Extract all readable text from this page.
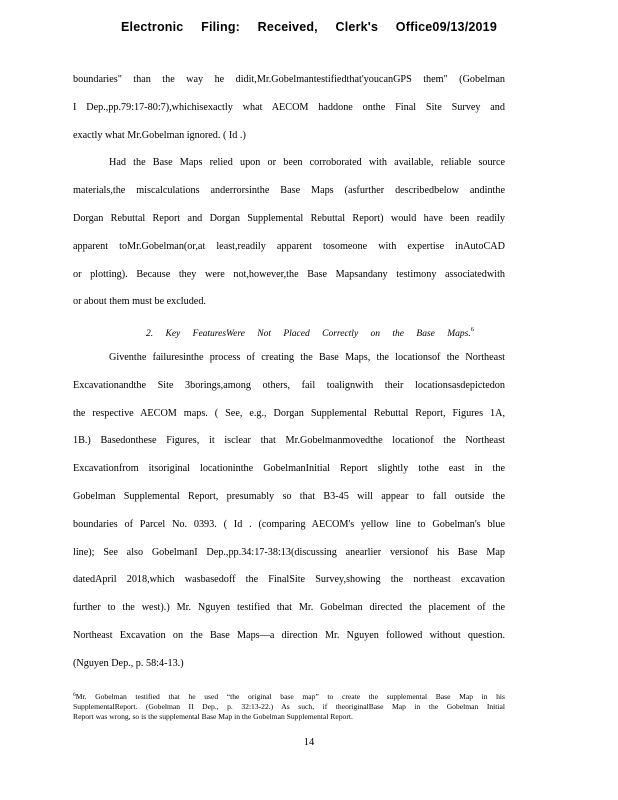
Electronic Filing: Received, Clerk's Office09/13/2019
boundaries" than the way he didit,Mr.Gobelmantestifiedthat'youcanGPS them" (Gobelman
I Dep.,pp.79:17-80:7),whichisexactly what AECOM haddone onthe Final Site Survey and
exactly what Mr.Gobelman ignored. ( Id .)
Had the Base Maps relied upon or been corroborated with available, reliable source
materials,the miscalculations anderrorsinthe Base Maps (asfurther describedbelow andinthe
Dorgan Rebuttal Report and Dorgan Supplemental Rebuttal Report) would have been readily
apparent toMr.Gobelman(or,at least,readily apparent tosomeone with expertise inAutoCAD
or plotting). Because they were not,however,the Base Mapsandany testimony associatedwith
or about them must be excluded.
2. Key FeaturesWere Not Placed Correctly on the Base Maps.$^6$
Giventhe failuresinthe process of creating the Base Maps, the locationsof the Northeast
Excavationandthe Site 3borings,among others, fail toalignwith their locationsasdepictedon
the respective AECOM maps. ( See, e.g., Dorgan Supplemental Rebuttal Report, Figures 1A,
1B.) Basedonthese Figures, it isclear that Mr.Gobelmanmovedthe locationof the Northeast
Excavationfrom itsoriginal locationinthe GobelmanInitial Report slightly tothe east in the
Gobelman Supplemental Report, presumably so that B3-45 will appear to fall outside the
boundaries of Parcel No. 0393. ( Id . (comparing AECOM's yellow line to Gobelman's blue
line); See also GobelmanI Dep.,pp.34:17-38:13(discussing anearlier versionof his Base Map
datedApril 2018,which wasbasedoff the FinalSite Survey,showing the northeast excavation
further to the west).) Mr. Nguyen testified that Mr. Gobelman directed the placement of the
Northeast Excavation on the Base Maps—a direction Mr. Nguyen followed without question.
(Nguyen Dep., p. 58:4-13.)
$^6$Mr. Gobelman testified that he used “the original base map” to create the supplemental Base Map in his
SupplementalReport. (Gobelman II Dep., p. 32:13-22.) As such, if theoriginalBase Map in the Gobelman Initial
Report was wrong, so is the supplemental Base Map in the Gobelman Supplemental Report.
14
